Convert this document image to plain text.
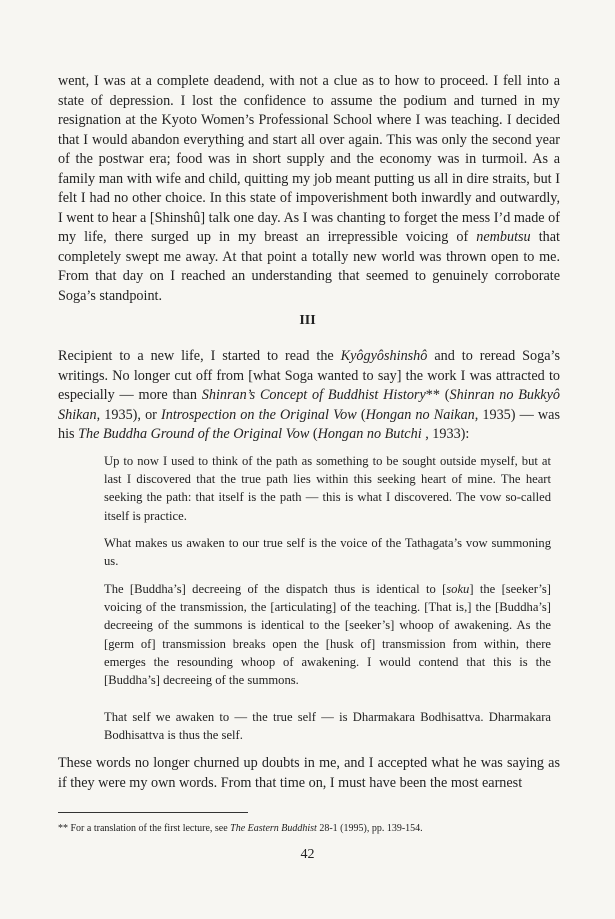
went, I was at a complete deadend, with not a clue as to how to proceed. I fell into a state of depression. I lost the confidence to assume the podium and turned in my resignation at the Kyoto Women’s Professional School where I was teaching. I decided that I would abandon everything and start all over again. This was only the second year of the postwar era; food was in short supply and the economy was in turmoil. As a family man with wife and child, quitting my job meant putting us all in dire straits, but I felt I had no other choice. In this state of impoverishment both inwardly and outwardly, I went to hear a [Shinshû] talk one day. As I was chanting to forget the mess I’d made of my life, there surged up in my breast an irrepressible voicing of nembutsu that completely swept me away. At that point a totally new world was thrown open to me. From that day on I reached an understanding that seemed to genuinely corroborate Soga’s standpoint.

III

Recipient to a new life, I started to read the Kyôgyôshinshô and to reread Soga’s writings. No longer cut off from [what Soga wanted to say] the work I was attracted to especially — more than Shinran’s Concept of Buddhist History** (Shinran no Bukkyô Shikan, 1935), or Introspection on the Original Vow (Hongan no Naikan, 1935) — was his The Buddha Ground of the Original Vow (Hongan no Butchi , 1933):

Up to now I used to think of the path as something to be sought outside myself, but at last I discovered that the true path lies within this seeking heart of mine. The heart seeking the path: that itself is the path — this is what I discovered. The vow so-called itself is practice.

What makes us awaken to our true self is the voice of the Tathagata’s vow summoning us.

The [Buddha’s] decreeing of the dispatch thus is identical to [soku] the [seeker’s] voicing of the transmission, the [articulating] of the teaching. [That is,] the [Buddha’s] decreeing of the summons is identical to the [seeker’s] whoop of awakening. As the [germ of] transmission breaks open the [husk of] transmission from within, there emerges the resounding whoop of awakening. I would contend that this is the [Buddha’s] decreeing of the summons.

That self we awaken to — the true self — is Dharmakara Bodhisattva. Dharmakara Bodhisattva is thus the self.

These words no longer churned up doubts in me, and I accepted what he was saying as if they were my own words. From that time on, I must have been the most earnest

** For a translation of the first lecture, see The Eastern Buddhist 28-1 (1995), pp. 139-154.

42
